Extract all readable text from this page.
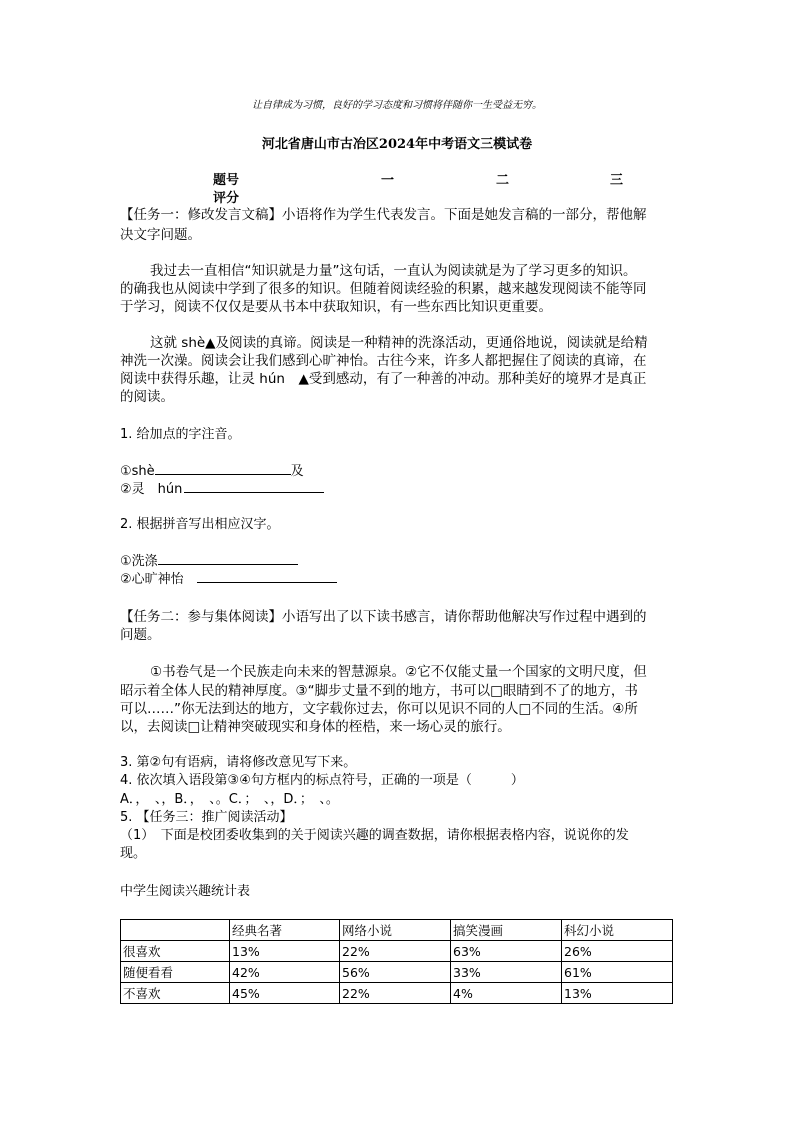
让自律成为习惯，良好的学习态度和习惯将伴随你一生受益无穷。
河北省唐山市古冶区2024年中考语文三模试卷
题号	一	二	三
评分
【任务一：修改发言文稿】小语将作为学生代表发言。下面是她发言稿的一部分，帮他解
决文字问题。
我过去一直相信“知识就是力量”这句话，一直认为阅读就是为了学习更多的知识。
的确我也从阅读中学到了很多的知识。但随着阅读经验的积累，越来越发现阅读不能等同
于学习，阅读不仅仅是要从书本中获取知识，有一些东西比知识更重要。
这就 shè▲及阅读的真谛。阅读是一种精神的洗涤活动，更通俗地说，阅读就是给精
神洗一次澡。阅读会让我们感到心旷神怡。古往今来，许多人都把握住了阅读的真谛，在
阅读中获得乐趣，让灵 hún　▲受到感动，有了一种善的冲动。那种美好的境界才是真正
的阅读。
1. 给加点的字注音。
①shè	及
②灵　hún
2. 根据拼音写出相应汉字。
①洗涤
②心旷神怡　
【任务二：参与集体阅读】小语写出了以下读书感言，请你帮助他解决写作过程中遇到的
问题。
①书卷气是一个民族走向未来的智慧源泉。②它不仅能丈量一个国家的文明尺度，但
昭示着全体人民的精神厚度。③“脚步丈量不到的地方，书可以□眼睛到不了的地方，书
可以……”你无法到达的地方，文字载你过去，你可以见识不同的人□不同的生活。④所
以，去阅读□让精神突破现实和身体的桎梏，来一场心灵的旅行。
3. 第②句有语病，请将修改意见写下来。
4. 依次填入语段第③④句方框内的标点符号，正确的一项是（　　　）
A．，　、，B．，　、。C．；　、，D．；　、。
5. 【任务三：推广阅读活动】
（1）　下面是校团委收集到的关于阅读兴趣的调查数据，请你根据表格内容，说说你的发
现。
中学生阅读兴趣统计表
	经典名著	网络小说	搞笑漫画	科幻小说
很喜欢	13%	22%	63%	26%
随便看看	42%	56%	33%	61%
不喜欢	45%	22%	4%	13%
